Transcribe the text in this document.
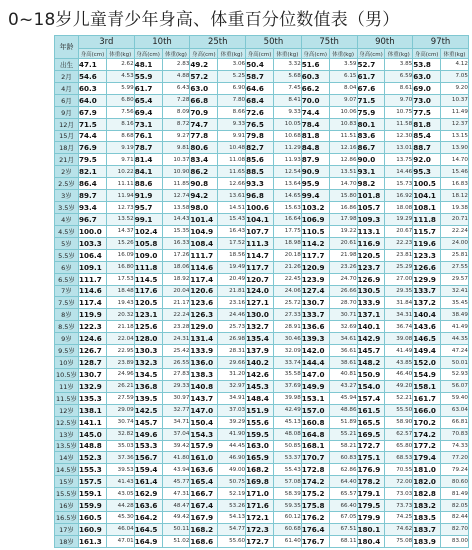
0~18岁儿童青少年身高、体重百分位数值表（男）
年龄	3rd		10th		25th		50th		75th		90th		97th	
	身高(cm)	体重(kg)	身高(cm)	体重(kg)	身高(cm)	体重(kg)	身高(cm)	体重(kg)	身高(cm)	体重(kg)	身高(cm)	体重(kg)	身高(cm)	体重(kg)
出生	47.1	2.62	48.1	2.83	49.2	3.06	50.4	3.32	51.6	3.59	52.7	3.85	53.8	4.12
2月	54.6	4.53	55.9	4.88	57.2	5.25	58.7	5.68	60.3	6.15	61.7	6.59	63.0	7.05
4月	60.3	5.99	61.7	6.43	63.0	6.90	64.6	7.45	66.2	8.04	67.6	8.61	69.0	9.20
6月	64.0	6.80	65.4	7.28	66.8	7.80	68.4	8.41	70.0	9.07	71.5	9.70	73.0	10.37
9月	67.9	7.56	69.4	8.09	70.9	8.66	72.6	9.33	74.4	10.06	75.9	10.75	77.5	11.49
12月	71.5	8.16	73.1	8.72	74.7	9.33	76.5	10.05	78.4	10.83	80.1	11.58	81.8	12.37
15月	74.4	8.68	76.1	9.27	77.8	9.91	79.8	10.68	81.8	11.51	83.6	12.30	85.4	13.15
18月	76.9	9.19	78.7	9.81	80.6	10.48	82.7	11.29	84.8	12.16	86.7	13.01	88.7	13.90
21月	79.5	9.71	81.4	10.37	83.4	11.08	85.6	11.93	87.9	12.86	90.0	13.75	92.0	14.70
2岁	82.1	10.22	84.1	10.90	86.2	11.65	88.5	12.54	90.9	13.51	93.1	14.46	95.3	15.46
2.5岁	86.4	11.11	88.6	11.85	90.8	12.66	93.3	13.64	95.9	14.70	98.2	15.73	100.5	16.83
3岁	89.7	11.94	91.9	12.74	94.2	13.61	96.8	14.65	99.4	15.80	101.8	16.92	104.1	18.12
3.5岁	93.4	12.73	95.7	13.58	98.0	14.51	100.6	15.63	103.2	16.86	105.7	18.08	108.1	19.38
4岁	96.7	13.52	99.1	14.43	101.4	15.43	104.1	16.64	106.9	17.98	109.3	19.29	111.8	20.71
4.5岁	100.0	14.37	102.4	15.35	104.9	16.43	107.7	17.75	110.5	19.22	113.1	20.67	115.7	22.24
5岁	103.3	15.26	105.8	16.33	108.4	17.52	111.3	18.98	114.2	20.61	116.9	22.23	119.6	24.00
5.5岁	106.4	16.09	109.0	17.26	111.7	18.56	114.7	20.18	117.7	21.98	120.5	23.81	123.3	25.81
6岁	109.1	16.80	111.8	18.06	114.6	19.49	117.7	21.26	120.9	23.26	123.7	25.29	126.6	27.55
6.5岁	111.7	17.53	114.5	18.92	117.4	20.49	120.7	22.45	123.9	24.70	126.9	27.00	129.9	29.57
7岁	114.6	18.48	117.6	20.04	120.6	21.81	124.0	24.06	127.4	26.66	130.5	29.35	133.7	32.41
7.5岁	117.4	19.43	120.5	21.17	123.6	23.16	127.1	25.72	130.7	28.70	133.9	31.84	137.2	35.45
8岁	119.9	20.32	123.1	22.24	126.3	24.46	130.0	27.33	133.7	30.71	137.1	34.31	140.4	38.49
8.5岁	122.3	21.18	125.6	23.28	129.0	25.73	132.7	28.91	136.6	32.69	140.1	36.74	143.6	41.49
9岁	124.6	22.04	128.0	24.31	131.4	26.98	135.4	30.46	139.3	34.61	142.9	39.08	146.5	44.35
9.5岁	126.7	22.95	130.3	25.42	133.9	28.31	137.9	32.09	142.0	36.61	145.7	41.49	149.4	47.24
10岁	128.7	23.89	132.3	26.55	136.0	29.66	140.2	33.74	144.4	38.61	148.2	43.85	152.0	50.01
10.5岁	130.7	24.96	134.5	27.83	138.3	31.20	142.6	35.58	147.0	40.81	150.9	46.40	154.9	52.93
11岁	132.9	26.21	136.8	29.33	140.8	32.97	145.3	37.69	149.9	43.27	154.0	49.20	158.1	56.07
11.5岁	135.3	27.59	139.5	30.97	143.7	34.91	148.4	39.98	153.1	45.94	157.4	52.21	161.7	59.40
12岁	138.1	29.09	142.5	32.77	147.0	37.03	151.9	42.49	157.0	48.86	161.5	55.50	166.0	63.04
12.5岁	141.1	30.74	145.7	34.71	150.4	39.29	155.6	45.13	160.8	51.89	165.5	58.90	170.2	66.81
13岁	145.0	32.82	149.6	37.04	154.3	41.90	159.5	48.08	164.8	55.21	169.5	62.57	174.2	70.83
13.5岁	148.8	35.03	153.3	39.42	157.9	44.45	163.0	50.85	168.1	58.21	172.7	65.80	177.2	74.33
14岁	152.3	37.36	156.7	41.80	161.0	46.90	165.9	53.37	170.7	60.83	175.1	68.53	179.4	77.20
14.5岁	155.3	39.53	159.4	43.94	163.6	49.00	168.2	55.43	172.8	62.86	176.9	70.55	181.0	79.24
15岁	157.5	41.43	161.4	45.77	165.4	50.75	169.8	57.08	174.2	64.40	178.2	72.00	182.0	80.60
15.5岁	159.1	43.05	162.9	47.31	166.7	52.19	171.0	58.39	175.2	65.57	179.1	73.03	182.8	81.49
16岁	159.9	44.28	163.6	48.47	167.4	53.26	171.6	59.35	175.8	66.40	179.5	73.73	183.2	82.05
16.5岁	160.5	45.30	164.2	49.42	167.9	54.13	172.1	60.12	176.2	67.05	179.9	74.25	183.5	82.44
17岁	160.9	46.04	164.5	50.11	168.2	54.77	172.3	60.68	176.4	67.51	180.1	74.62	183.7	82.70
18岁	161.3	47.01	164.9	51.02	168.6	55.60	172.7	61.40	176.7	68.11	180.4	75.08	183.9	83.00
